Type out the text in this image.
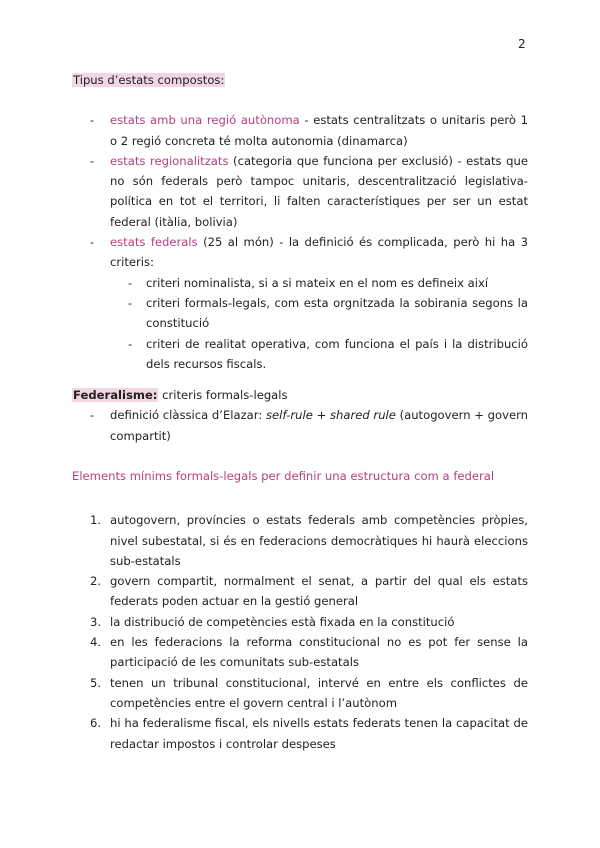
2
Tipus d’estats compostos:
- estats amb una regió autònoma - estats centralitzats o unitaris però 1 o 2 regió concreta té molta autonomia (dinamarca)
- estats regionalitzats (categoria que funciona per exclusió) - estats que no són federals però tampoc unitaris, descentralització legislativa-política en tot el territori, li falten característiques per ser un estat federal (itàlia, bolivia)
- estats federals (25 al món) - la definició és complicada, però hi ha 3 criteris:
- criteri nominalista, si a si mateix en el nom es defineix així
- criteri formals-legals, com esta orgnitzada la sobirania segons la constitució
- criteri de realitat operativa, com funciona el país i la distribució dels recursos fiscals.
Federalisme: criteris formals-legals
- definició clàssica d’Elazar: self-rule + shared rule (autogovern + govern compartit)
Elements mínims formals-legals per definir una estructura com a federal
1. autogovern, províncies o estats federals amb competències pròpies, nivel subestatal, si és en federacions democràtiques hi haurà eleccions sub-estatals
2. govern compartit, normalment el senat, a partir del qual els estats federats poden actuar en la gestió general
3. la distribució de competències està fixada en la constitució
4. en les federacions la reforma constitucional no es pot fer sense la participació de les comunitats sub-estatals
5. tenen un tribunal constitucional, intervé en entre els conflictes de competències entre el govern central i l’autònom
6. hi ha federalisme fiscal, els nivells estats federats tenen la capacitat de redactar impostos i controlar despeses
